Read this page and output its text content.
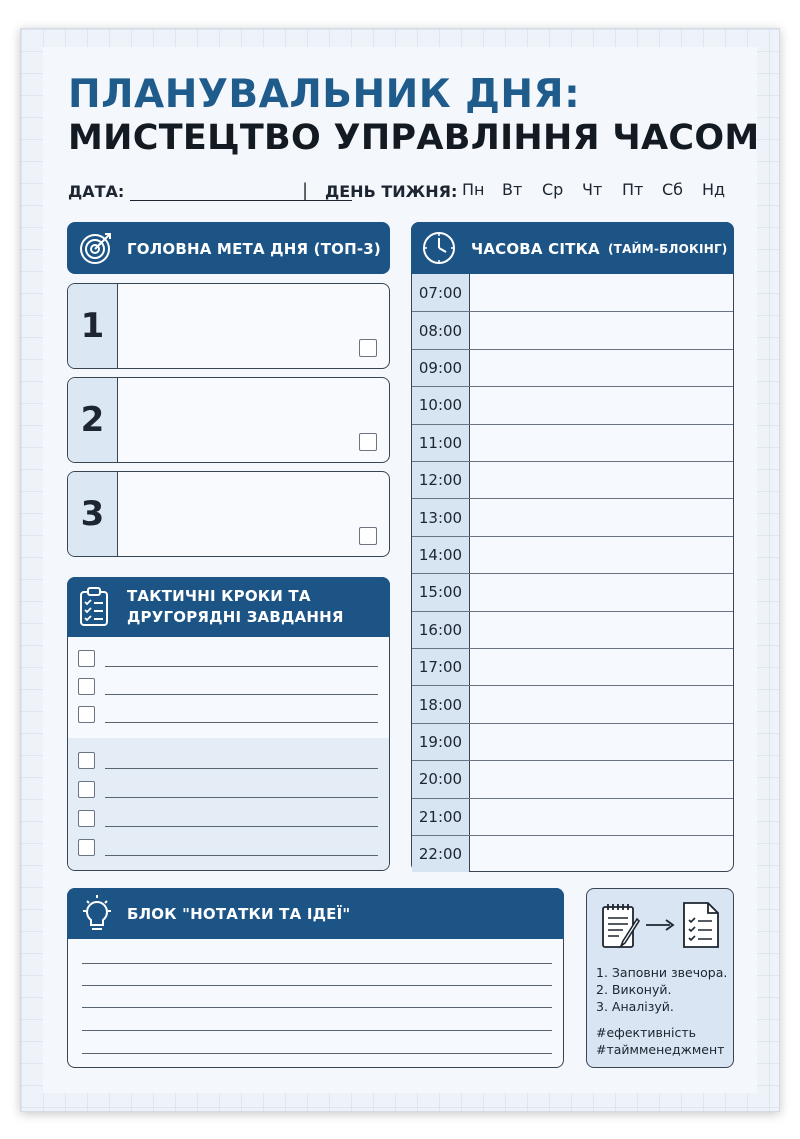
ПЛАНУВАЛЬНИК ДНЯ:
МИСТЕЦТВО УПРАВЛІННЯ ЧАСОМ
ДАТА:	| ДЕНЬ ТИЖНЯ: Пн	Вт	Ср	Чт	Пт	Сб	Нд
ГОЛОВНА МЕТА ДНЯ (ТОП-3)
1
2
3
ТАКТИЧНІ КРОКИ ТА
ДРУГОРЯДНІ ЗАВДАННЯ
ЧАСОВА СІТКА (ТАЙМ-БЛОКІНГ)
07:00
08:00
09:00
10:00
11:00
12:00
13:00
14:00
15:00
16:00
17:00
18:00
19:00
20:00
21:00
22:00
БЛОК "НОТАТКИ ТА ІДЕЇ"
1. Заповни звечора.
2. Виконуй.
3. Аналізуй.
#ефективність
#таймменеджмент
